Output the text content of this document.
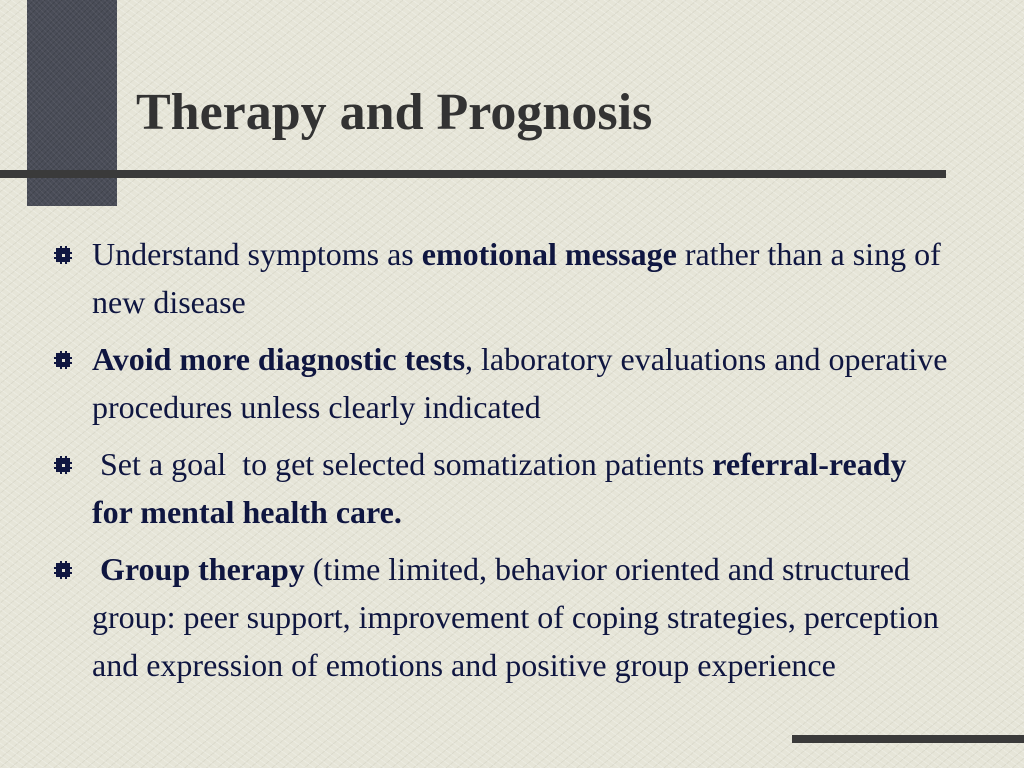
Therapy and Prognosis
Understand symptoms as emotional message rather than a sing of new disease
Avoid more diagnostic tests, laboratory evaluations and operative procedures unless clearly indicated
Set a goal  to get selected somatization patients referral-ready for mental health care.
Group therapy (time limited, behavior oriented and structured group: peer support, improvement of coping strategies, perception and expression of emotions and positive group experience
